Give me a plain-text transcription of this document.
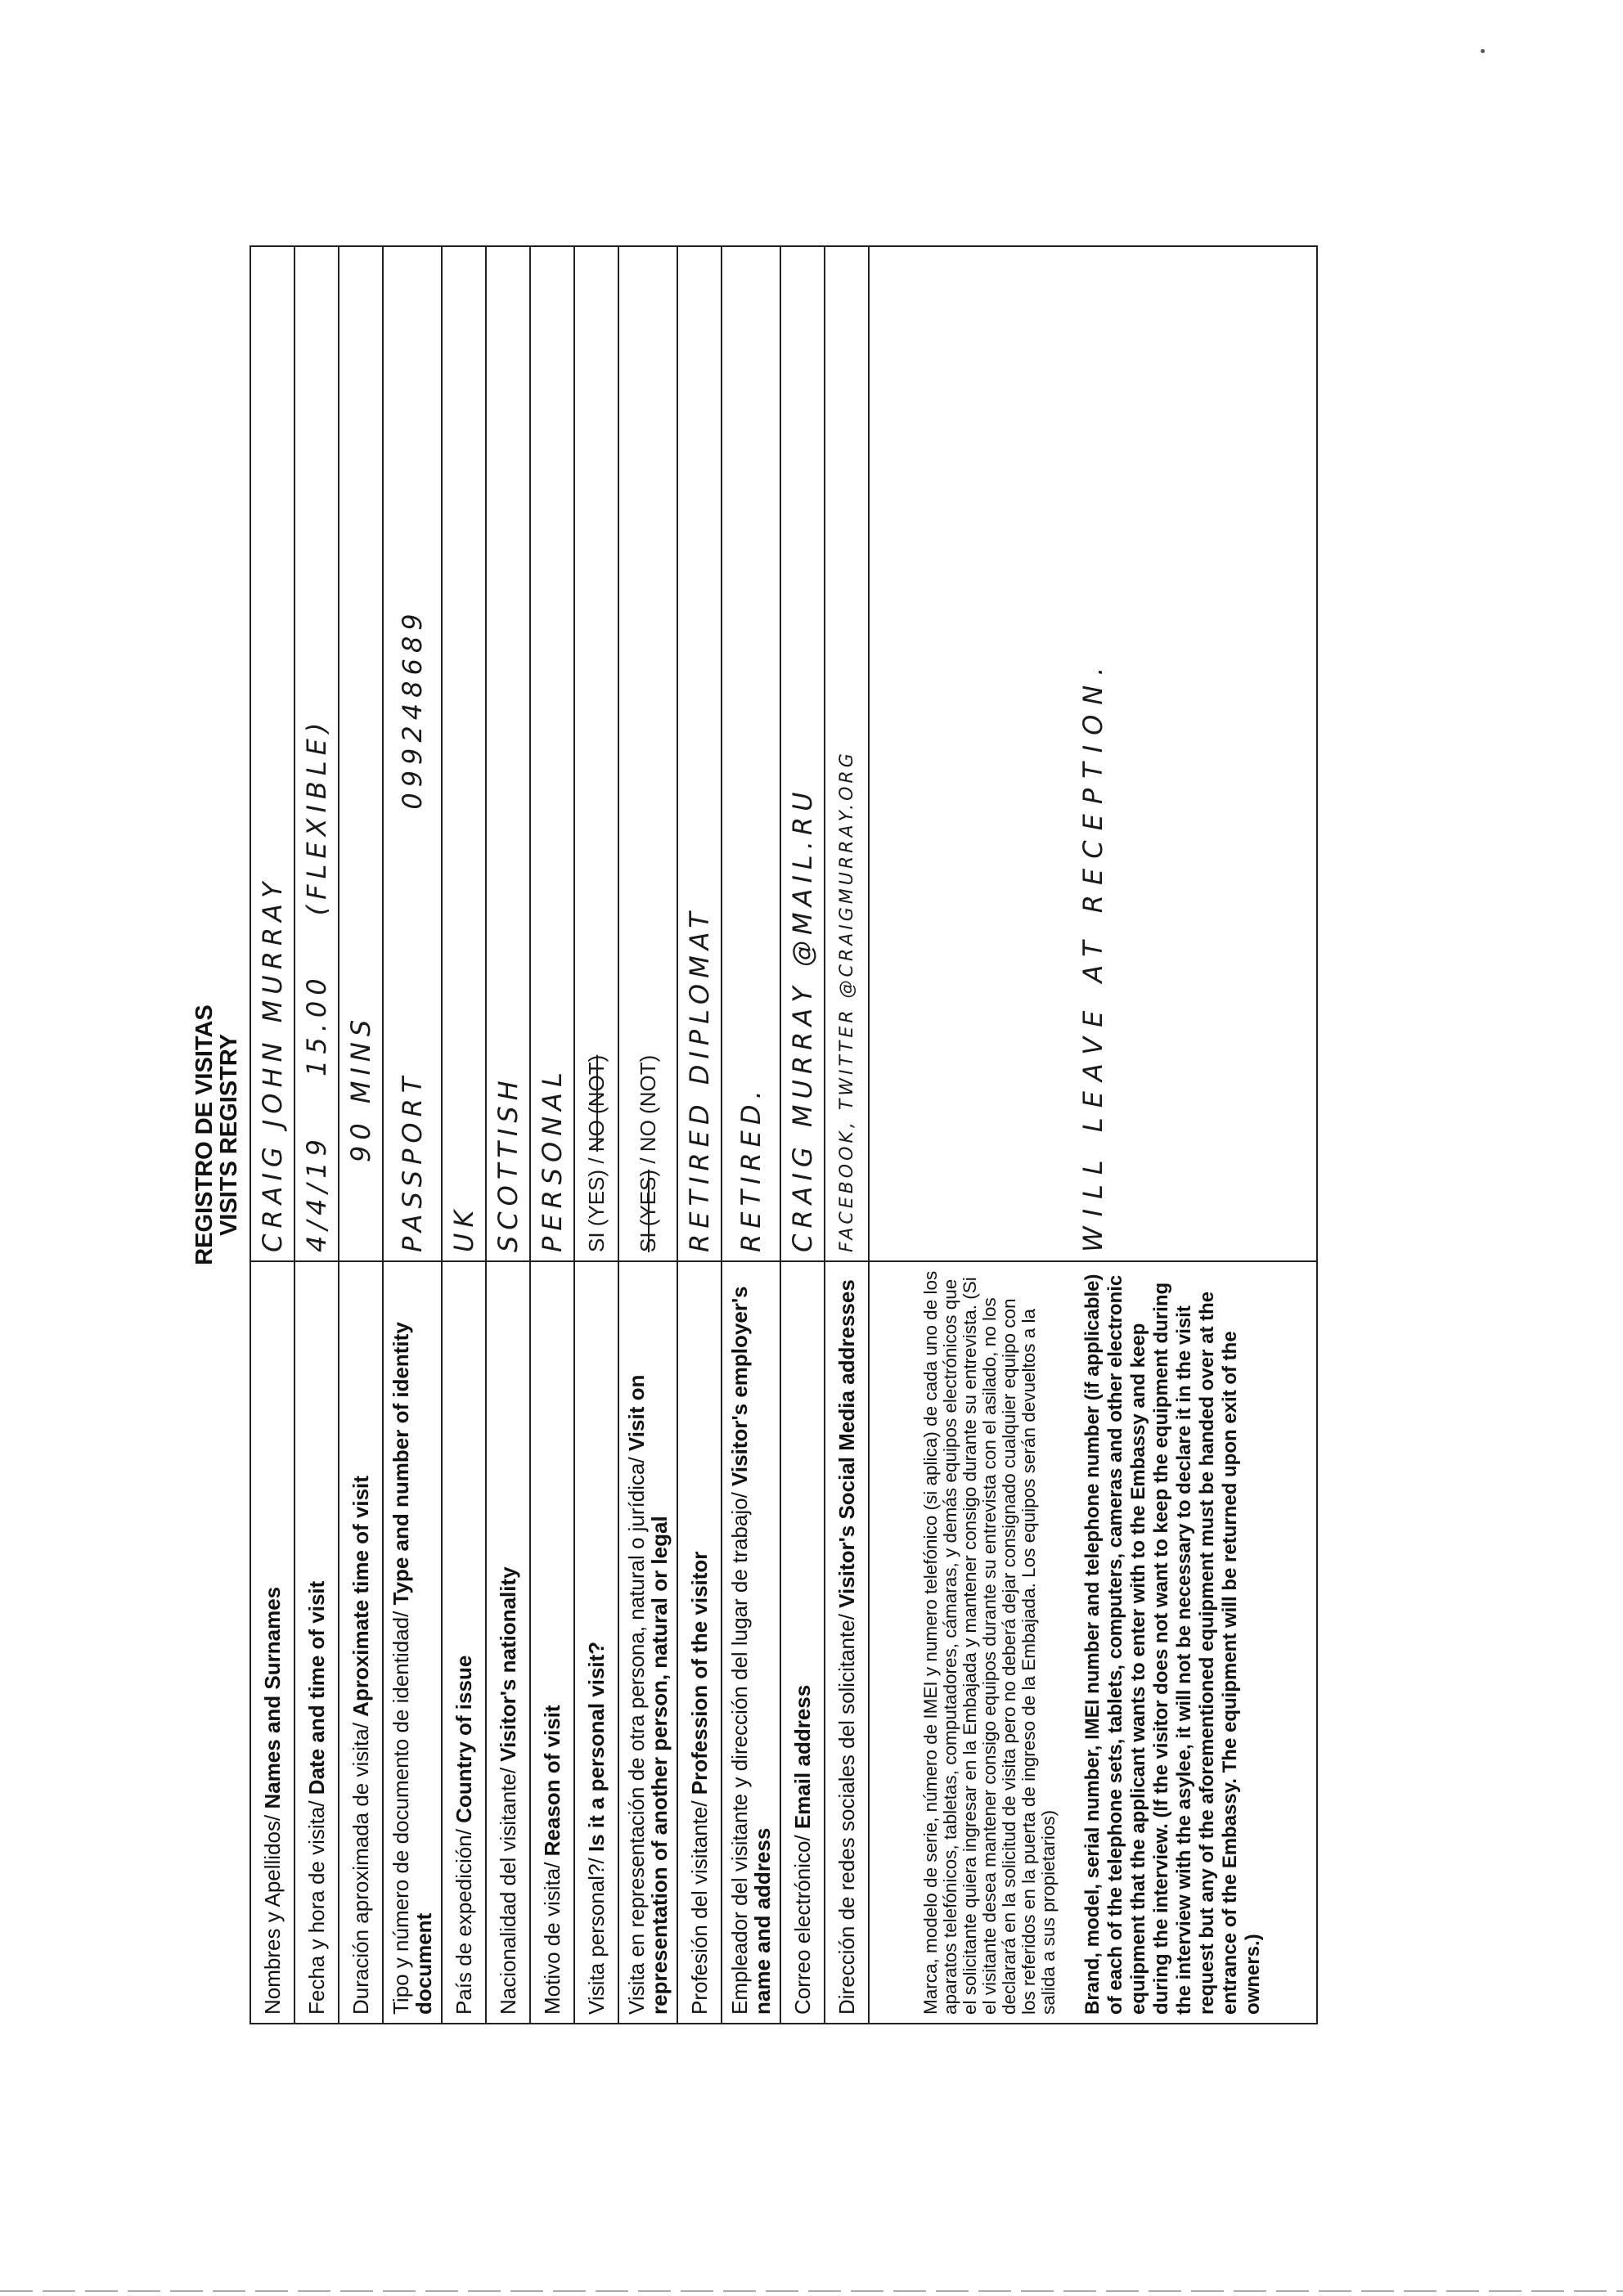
REGISTRO DE VISITAS
VISITS REGISTRY
Nombres y Apellidos/ Names and Surnames	CRAIG JOHN MURRAY
Fecha y hora de visita/ Date and time of visit	4/4/1915.00(FLEXIBLE)
Duración aproximada de visita/ Aproximate time of visit	90 MINS
Tipo y número de documento de identidad/ Type and number of identity document	PASSPORT099248689
País de expedición/ Country of issue	UK
Nacionalidad del visitante/ Visitor's nationality	SCOTTISH
Motivo de visita/ Reason of visit	PERSONAL
Visita personal?/ Is it a personal visit?	SI (YES) / NO (NOT)
Visita en representación de otra persona, natural o jurídica/ Visit on representation of another person, natural or legal	SI (YES) / NO (NOT)
Profesión del visitante/ Profession of the visitor	RETIRED DIPLOMAT
Empleador del visitante y dirección del lugar de trabajo/ Visitor's employer's name and address	RETIRED.
Correo electrónico/ Email address	CRAIG MURRAY @MAIL.RU
Dirección de redes sociales del solicitante/ Visitor's Social Media addresses	FACEBOOK, TWITTER @CRAIGMURRAY.ORG

Marca, modelo de serie, número de IMEI y numero telefónico (si aplica) de cada uno de los aparatos telefónicos, tabletas, computadores, cámaras, y demás equipos electrónicos que el solicitante quiera ingresar en la Embajada y mantener consigo durante su entrevista. (Si el visitante desea mantener consigo equipos durante su entrevista con el asilado, no los declarará en la solicitud de visita pero no deberá dejar consignado cualquier equipo con los referidos en la puerta de ingreso de la Embajada. Los equipos serán devueltos a la salida a sus propietarios) Brand, model, serial number, IMEI number and telephone number (if applicable) of each of the telephone sets, tablets, computers, cameras and other electronic equipment that the applicant wants to enter with to the Embassy and keep during the interview. (If the visitor does not want to keep the equipment during the interview with the asylee, it will not be necessary to declare it in the visit request but any of the aforementioned equipment must be handed over at the entrance of the Embassy. The equipment will be returned upon exit of the owners.)	WILL LEAVE AT RECEPTION.
